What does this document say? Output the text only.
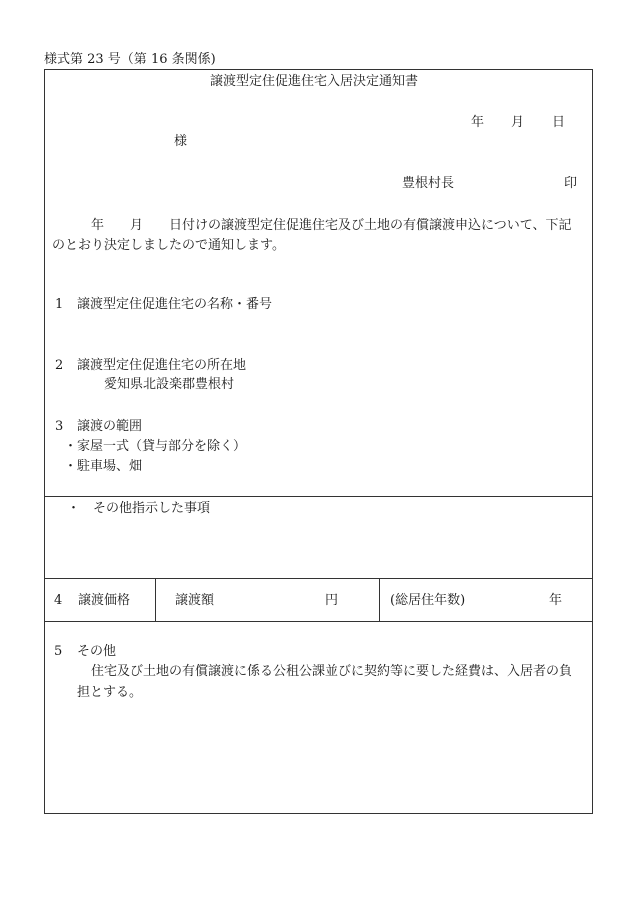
様式第 23 号（第 16 条関係)
譲渡型定住促進住宅入居決定通知書
年 月 日
様
豊根村長	印
年　　月　　日付けの譲渡型定住促進住宅及び土地の有償譲渡申込について、下記
のとおり決定しましたので通知します。
1 譲渡型定住促進住宅の名称・番号
2 譲渡型定住促進住宅の所在地
愛知県北設楽郡豊根村
3 譲渡の範囲
・家屋一式（貸与部分を除く）
・駐車場、畑
・　その他指示した事項
4 譲渡価格	譲渡額	円	(総居住年数)	年
5 その他
住宅及び土地の有償譲渡に係る公租公課並びに契約等に要した経費は、入居者の負
担とする。
